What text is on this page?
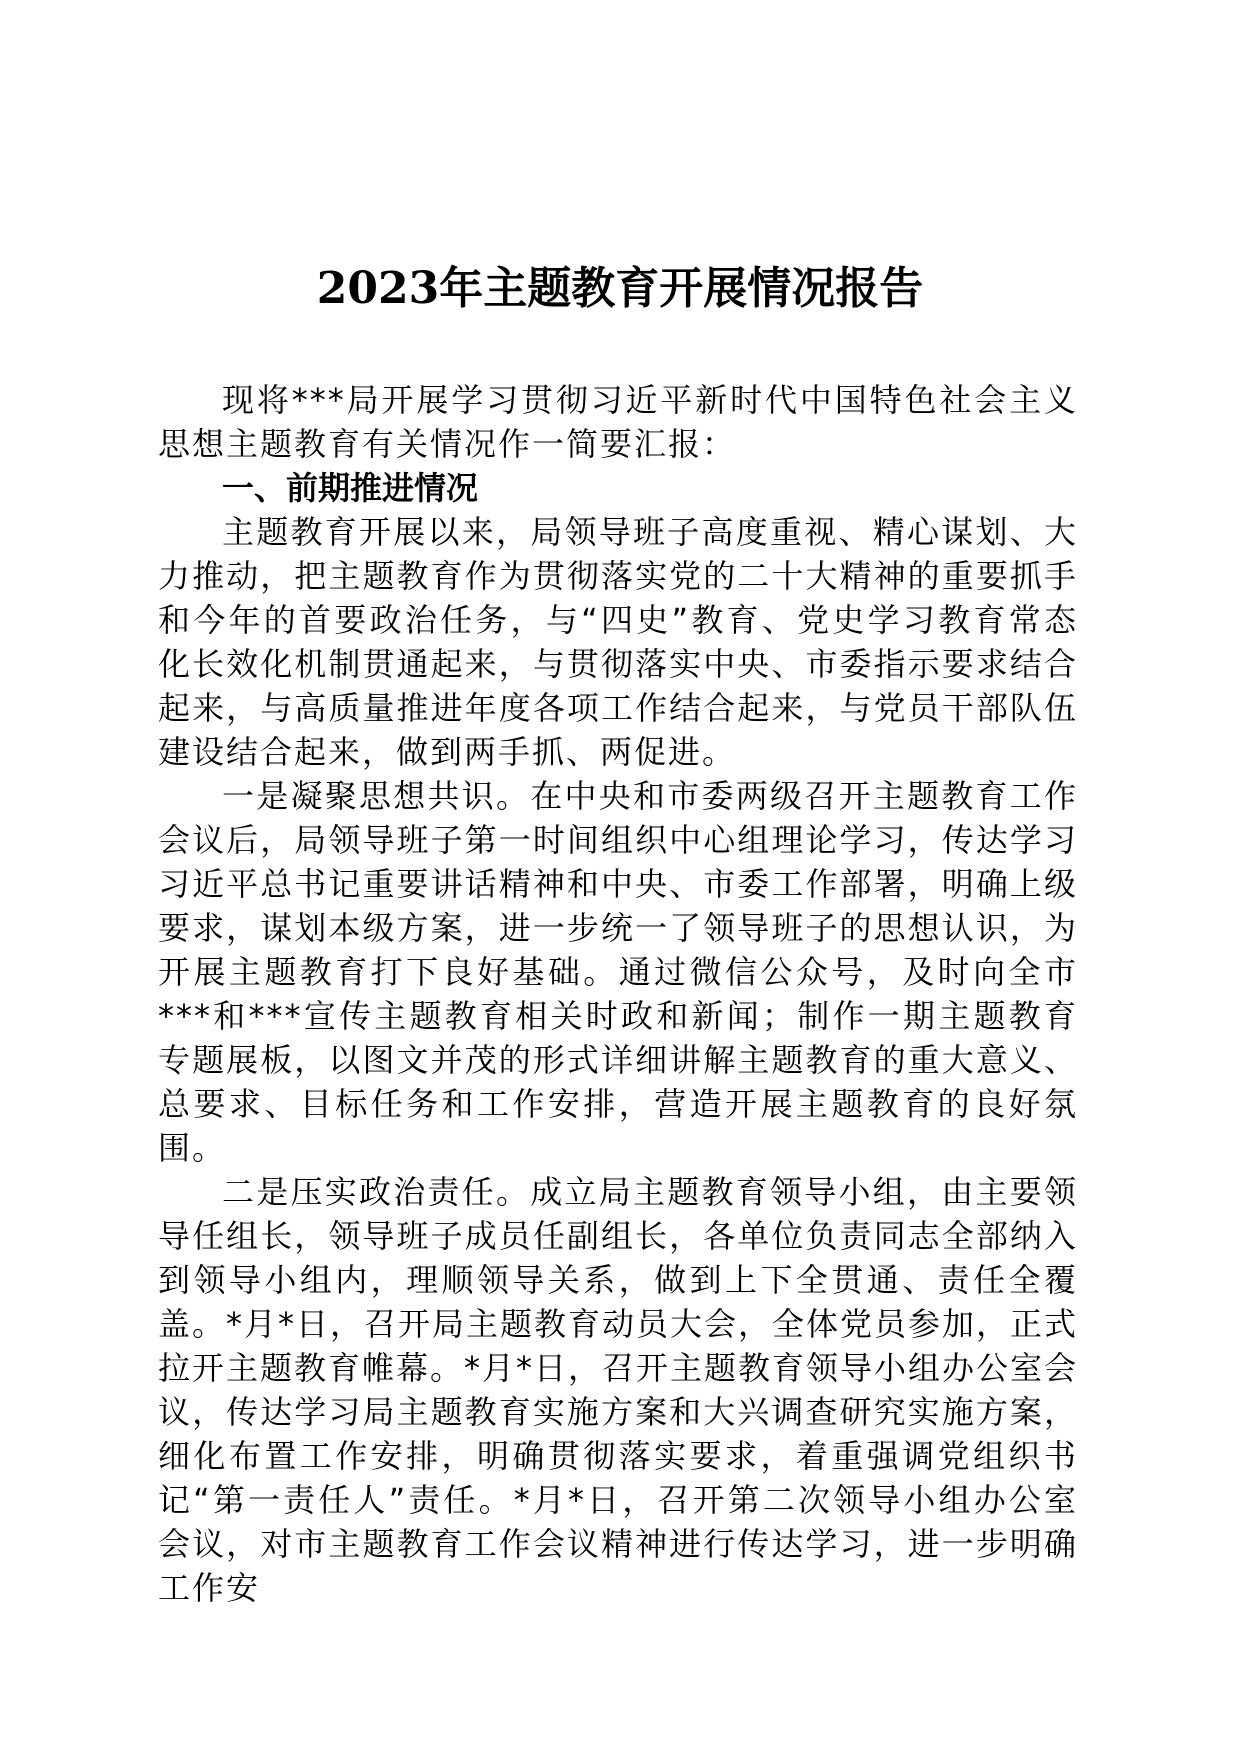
2023年主题教育开展情况报告

现将***局开展学习贯彻习近平新时代中国特色社会主义思想主题教育有关情况作一简要汇报：

一、前期推进情况

主题教育开展以来，局领导班子高度重视、精心谋划、大力推动，把主题教育作为贯彻落实党的二十大精神的重要抓手和今年的首要政治任务，与“四史”教育、党史学习教育常态化长效化机制贯通起来，与贯彻落实中央、市委指示要求结合起来，与高质量推进年度各项工作结合起来，与党员干部队伍建设结合起来，做到两手抓、两促进。

一是凝聚思想共识。在中央和市委两级召开主题教育工作会议后，局领导班子第一时间组织中心组理论学习，传达学习习近平总书记重要讲话精神和中央、市委工作部署，明确上级要求，谋划本级方案，进一步统一了领导班子的思想认识，为开展主题教育打下良好基础。通过微信公众号，及时向全市***和***宣传主题教育相关时政和新闻；制作一期主题教育专题展板，以图文并茂的形式详细讲解主题教育的重大意义、总要求、目标任务和工作安排，营造开展主题教育的良好氛围。

二是压实政治责任。成立局主题教育领导小组，由主要领导任组长，领导班子成员任副组长，各单位负责同志全部纳入到领导小组内，理顺领导关系，做到上下全贯通、责任全覆盖。*月*日，召开局主题教育动员大会，全体党员参加，正式拉开主题教育帷幕。*月*日，召开主题教育领导小组办公室会议，传达学习局主题教育实施方案和大兴调查研究实施方案，细化布置工作安排，明确贯彻落实要求，着重强调党组织书记“第一责任人”责任。*月*日，召开第二次领导小组办公室会议，对市主题教育工作会议精神进行传达学习，进一步明确工作安
